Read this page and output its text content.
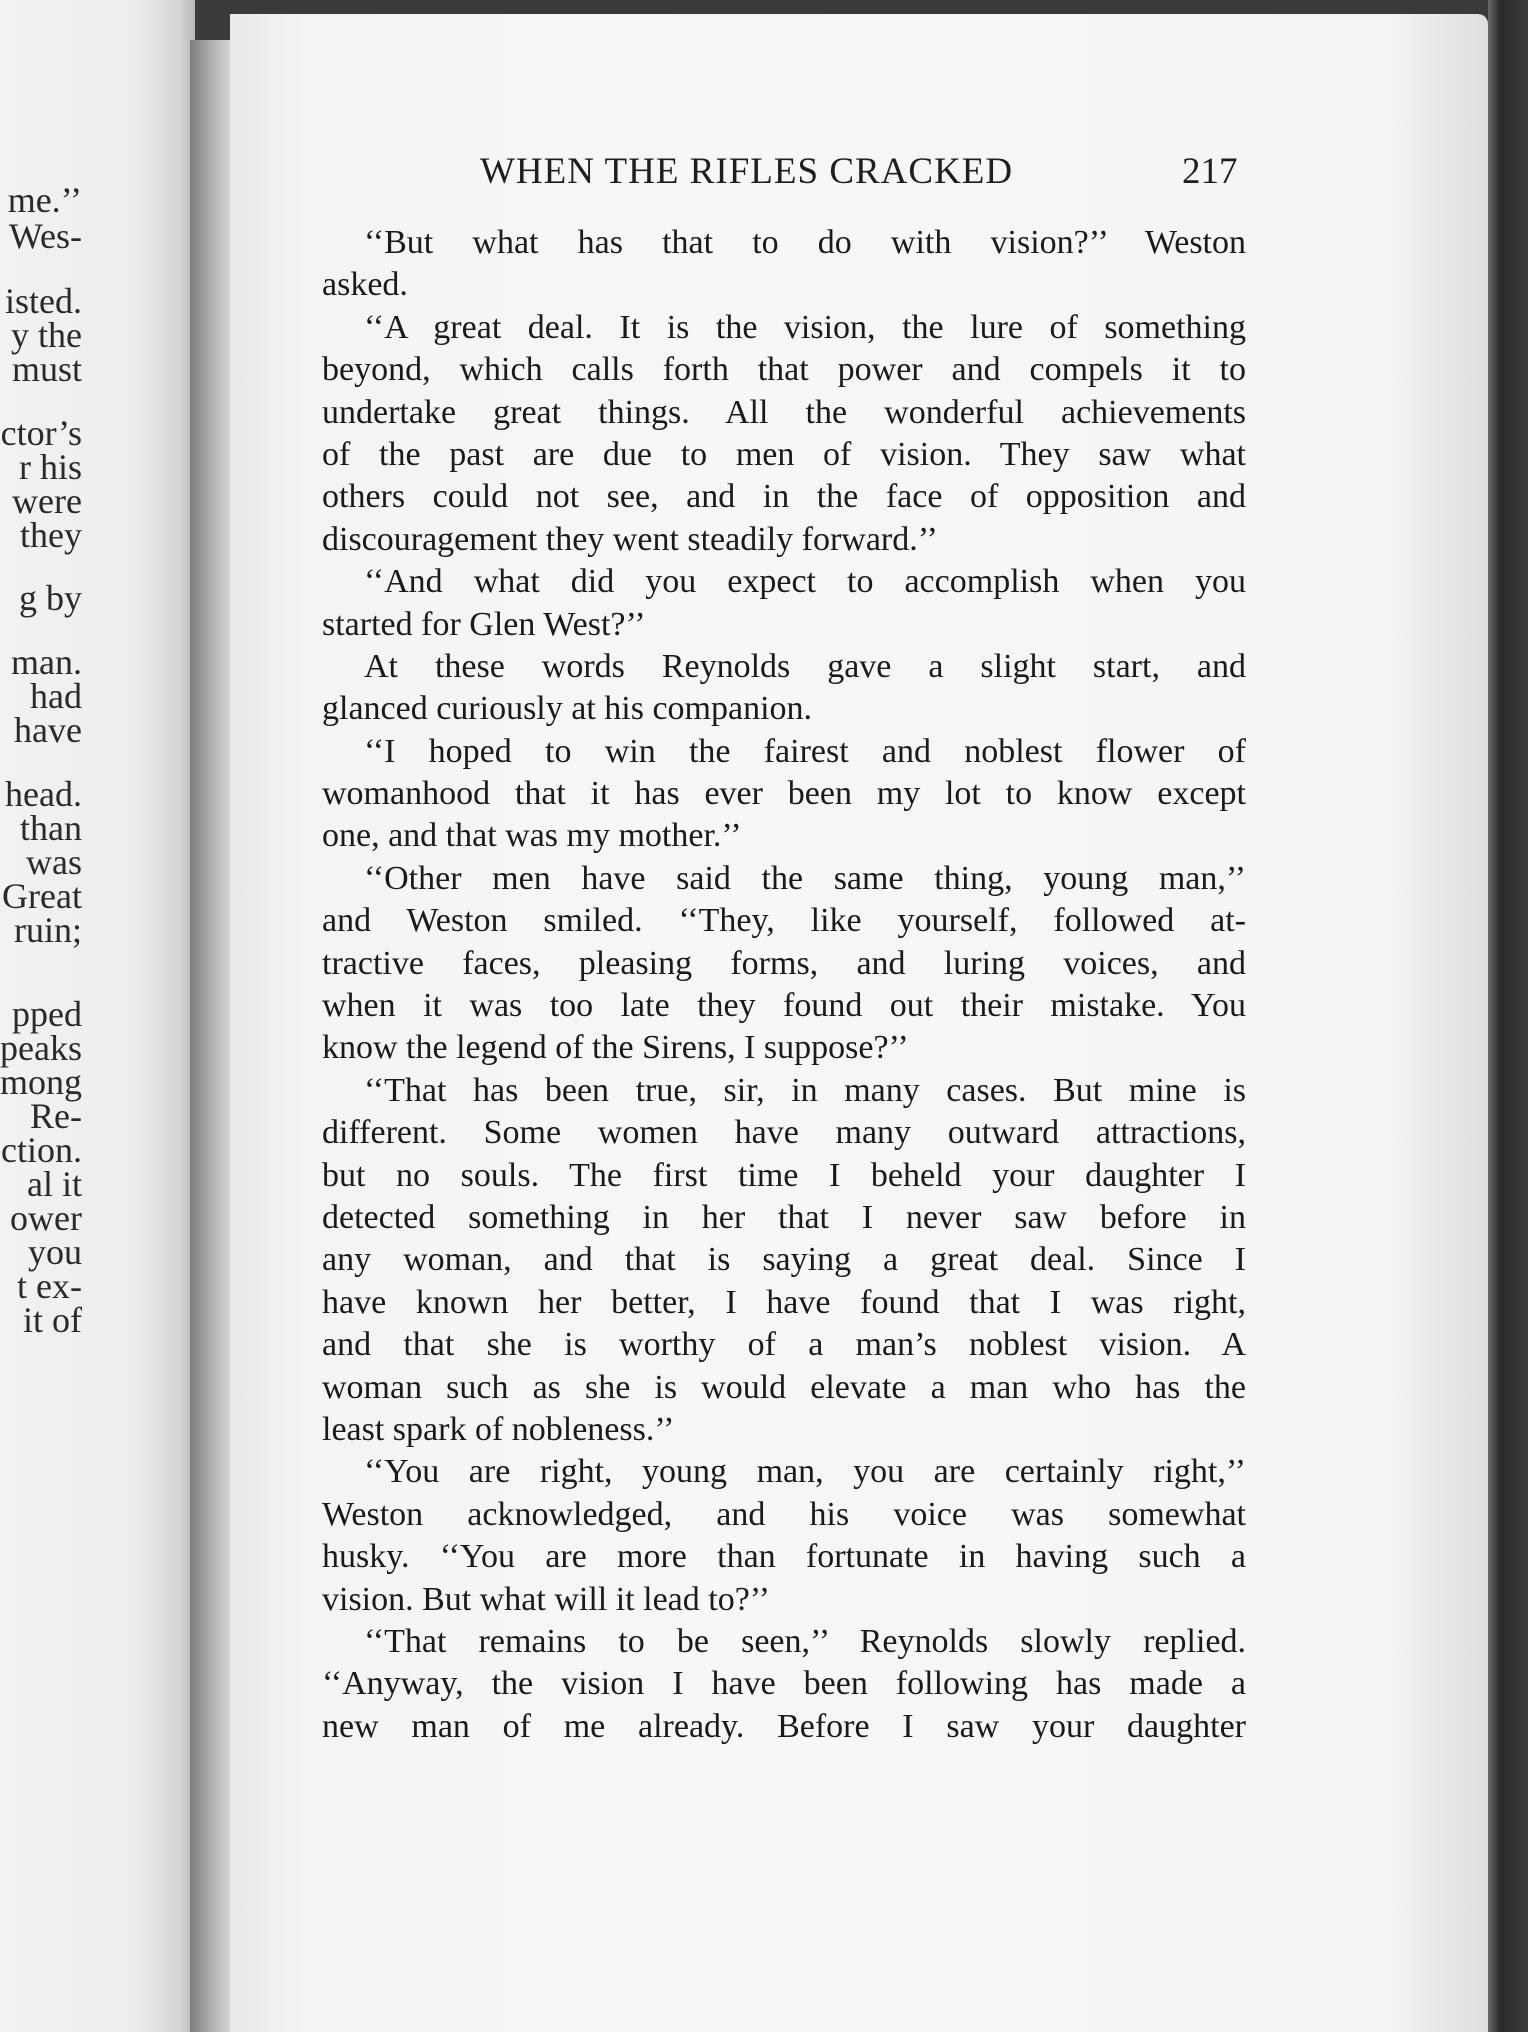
me.’’
Wes-
isted.
y the
must
ctor’s
r his
were
they
g by
man.
had
have
head.
than
was
Great
ruin;
pped
peaks
mong
Re-
ction.
al it
ower
you
t ex-
it of
WHEN THE RIFLES CRACKED	217
‘‘But what has that to do with vision?’’ Weston
asked.
‘‘A great deal. It is the vision, the lure of something
beyond, which calls forth that power and compels it to
undertake great things. All the wonderful achievements
of the past are due to men of vision. They saw what
others could not see, and in the face of opposition and
discouragement they went steadily forward.’’
‘‘And what did you expect to accomplish when you
started for Glen West?’’
At these words Reynolds gave a slight start, and
glanced curiously at his companion.
‘‘I hoped to win the fairest and noblest flower of
womanhood that it has ever been my lot to know except
one, and that was my mother.’’
‘‘Other men have said the same thing, young man,’’
and Weston smiled. ‘‘They, like yourself, followed at-
tractive faces, pleasing forms, and luring voices, and
when it was too late they found out their mistake. You
know the legend of the Sirens, I suppose?’’
‘‘That has been true, sir, in many cases. But mine is
different. Some women have many outward attractions,
but no souls. The first time I beheld your daughter I
detected something in her that I never saw before in
any woman, and that is saying a great deal. Since I
have known her better, I have found that I was right,
and that she is worthy of a man’s noblest vision. A
woman such as she is would elevate a man who has the
least spark of nobleness.’’
‘‘You are right, young man, you are certainly right,’’
Weston acknowledged, and his voice was somewhat
husky. ‘‘You are more than fortunate in having such a
vision. But what will it lead to?’’
‘‘That remains to be seen,’’ Reynolds slowly replied.
‘‘Anyway, the vision I have been following has made a
new man of me already. Before I saw your daughter
